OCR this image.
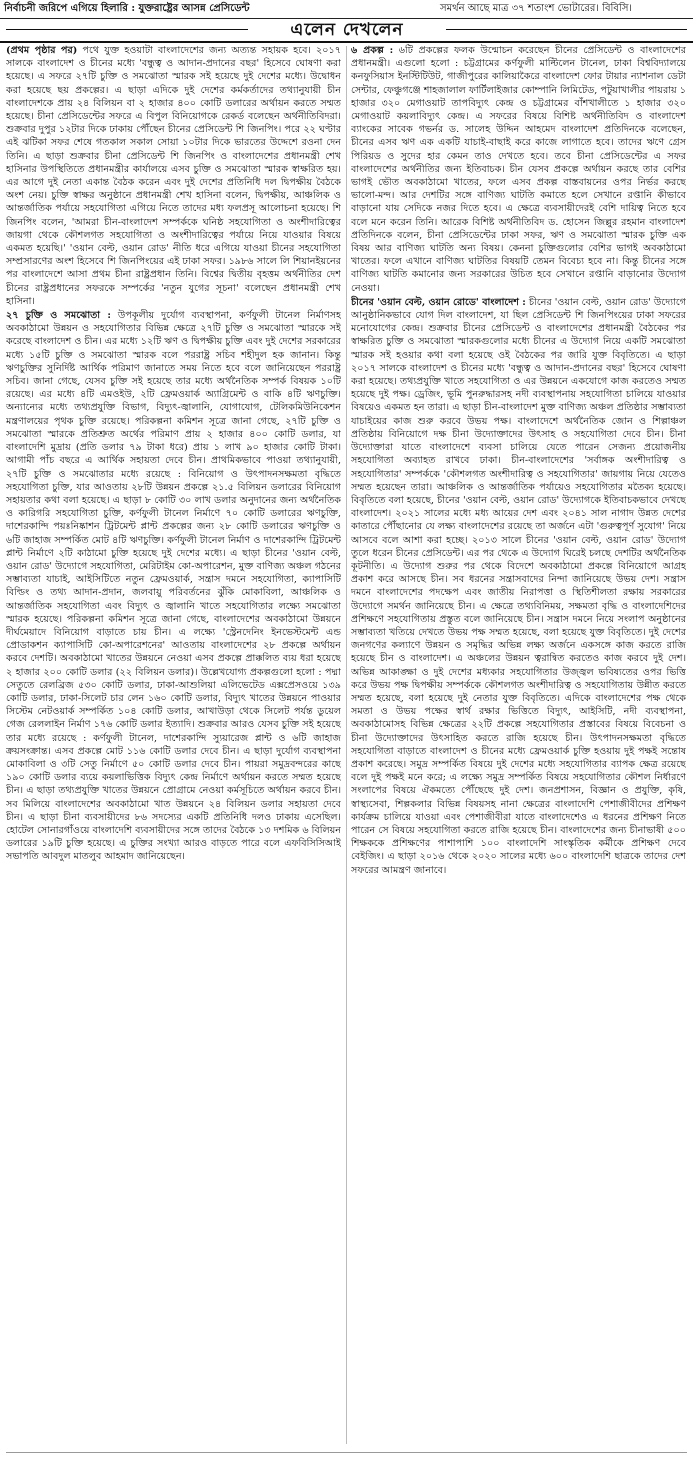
নির্বাচনী জরিপে এগিয়ে হিলারি : যুক্তরাষ্ট্রের আসন্ন প্রেসিডেন্ট	সমর্থন আছে মাত্র ৩৭ শতাংশ ভোটারের। বিবিসি।
এলেন দেখলেন

(প্রথম পৃষ্ঠার পর) পথে যুক্ত হওয়াটা বাংলাদেশের জন্য অত্যন্ত সহায়ক হবে। ২০১৭ সালকে বাংলাদেশ ও চীনের মধ্যে 'বন্ধুত্ব ও আদান-প্রদানের বছর' হিসেবে ঘোষণা করা হয়েছে। এ সফরে ২৭টি চুক্তি ও সমঝোতা স্মারক সই হয়েছে দুই দেশের মধ্যে। উদ্বোধন করা হয়েছে ছয় প্রকল্পের। এ ছাড়া এদিকে দুই দেশের কর্মকর্তাদের তথ্যানুযায়ী চীন বাংলাদেশকে প্রায় ২৪ বিলিয়ন বা ২ হাজার ৪০০ কোটি ডলারের অর্থায়ন করতে সম্মত হয়েছে। চীনা প্রেসিডেন্টের সফরে এ বিপুল বিনিয়োগকে রেকর্ড বলেছেন অর্থনীতিবিদরা। শুক্রবার দুপুর ১২টার দিকে ঢাকায় পৌঁছেন চীনের প্রেসিডেন্ট শি জিনপিং। পরে ২২ ঘণ্টার এই ঝটিকা সফর শেষে গতকাল সকাল সোয়া ১০টার দিকে ভারতের উদ্দেশে রওনা দেন তিনি। এ ছাড়া শুক্রবার চীনা প্রেসিডেন্ট শি জিনপিং ও বাংলাদেশের প্রধানমন্ত্রী শেখ হাসিনার উপস্থিতিতে প্রধানমন্ত্রীর কার্যালয়ে এসব চুক্তি ও সমঝোতা স্মারক স্বাক্ষরিত হয়। এর আগে দুই নেতা একান্ত বৈঠক করেন এবং দুই দেশের প্রতিনিধি দল দ্বিপক্ষীয় বৈঠকে অংশ নেয়। চুক্তি স্বাক্ষর অনুষ্ঠানে প্রধানমন্ত্রী শেখ হাসিনা বলেন, দ্বিপক্ষীয়, আঞ্চলিক ও আন্তর্জাতিক পর্যায়ে সহযোগিতা এগিয়ে নিতে তাদের মধ্য ফলপ্রসূ আলোচনা হয়েছে। শি জিনপিং বলেন, 'আমরা চীন-বাংলাদেশ সম্পর্ককে ঘনিষ্ঠ সহযোগিতা ও অংশীদারিত্বের জায়গা থেকে কৌশলগত সহযোগিতা ও অংশীদারিত্বের পর্যায়ে নিয়ে যাওয়ার বিষয়ে একমত হয়েছি।' 'ওয়ান বেল্ট, ওয়ান রোড' নীতি ধরে এগিয়ে যাওয়া চীনের সহযোগিতা সম্প্রসারণের অংশ হিসেবে শি জিনপিংয়ের এই ঢাকা সফর। ১৯৮৬ সালে লি শিয়ানইয়নের পর বাংলাদেশে আসা প্রথম চীনা রাষ্ট্রপ্রধান তিনি। বিশ্বের দ্বিতীয় বৃহত্তম অর্থনীতির দেশ চীনের রাষ্ট্রপ্রধানের সফরকে সম্পর্কের 'নতুন যুগের সূচনা' বলেছেন প্রধানমন্ত্রী শেখ হাসিনা।

২৭ চুক্তি ও সমঝোতা : উপকূলীয় দুর্যোগ ব্যবস্থাপনা, কর্ণফুলী টানেল নির্মাণসহ অবকাঠামো উন্নয়ন ও সহযোগিতার বিভিন্ন ক্ষেত্রে ২৭টি চুক্তি ও সমঝোতা স্মারকে সই করেছে বাংলাদেশ ও চীন। এর মধ্যে ১২টি ঋণ ও দ্বিপক্ষীয় চুক্তি এবং দুই দেশের সরকারের মধ্যে ১৫টি চুক্তি ও সমঝোতা স্মারক বলে পররাষ্ট্র সচিব শহীদুল হক জানান। কিন্তু ঋণচুক্তির সুনির্দিষ্ট আর্থিক পরিমাণ জানাতে সময় নিতে হবে বলে জানিয়েছেন পররাষ্ট্র সচিব। জানা গেছে, যেসব চুক্তি সই হয়েছে তার মধ্যে অর্থনৈতিক সম্পর্ক বিষয়ক ১০টি রয়েছে। এর মধ্যে ৪টি এমওইউ, ২টি ফ্রেমওয়ার্ক অ্যাগ্রিমেন্ট ও বাকি ৪টি ঋণচুক্তি। অন্যান্যের মধ্যে তথ্যপ্রযুক্তি বিভাগ, বিদ্যুৎ-জ্বালানি, যোগাযোগ, টেলিকমিউনিকেশন মন্ত্রণালয়ের পৃথক চুক্তি রয়েছে। পরিকল্পনা কমিশন সূত্রে জানা গেছে, ২৭টি চুক্তি ও সমঝোতা স্মারকে প্রতিশ্রুত অর্থের পরিমাণ প্রায় ২ হাজার ৪০০ কোটি ডলার, যা বাংলাদেশি মুদ্রায় (প্রতি ডলার ৭৯ টাকা ধরে) প্রায় ১ লাখ ৯০ হাজার কোটি টাকা। আগামী পাঁচ বছরে এ আর্থিক সহায়তা দেবে চীন। প্রাথমিকভাবে পাওয়া তথ্যানুযায়ী, ২৭টি চুক্তি ও সমঝোতার মধ্যে রয়েছে : বিনিয়োগ ও উৎপাদনসক্ষমতা বৃদ্ধিতে সহযোগিতা চুক্তি, যার আওতায় ২৮টি উন্নয়ন প্রকল্পে ২১.৫ বিলিয়ন ডলারের বিনিয়োগ সহায়তার কথা বলা হয়েছে। এ ছাড়া ৮ কোটি ৩০ লাখ ডলার অনুদানের জন্য অর্থনৈতিক ও কারিগরি সহযোগিতা চুক্তি, কর্ণফুলী টানেল নির্মাণে ৭০ কোটি ডলারের ঋণচুক্তি, দাশেরকান্দি পয়ঃনিষ্কাশন ট্রিটমেন্ট প্লান্ট প্রকল্পের জন্য ২৮ কোটি ডলারের ঋণচুক্তি ও ৬টি জাহাজ সম্পর্কিত মোট ৪টি ঋণচুক্তি। কর্ণফুলী টানেল নির্মাণ ও দাশেরকান্দি ট্রিটমেন্ট প্লান্ট নির্মাণে ২টি কাঠামো চুক্তি হয়েছে দুই দেশের মধ্যে। এ ছাড়া চীনের 'ওয়ান বেল্ট, ওয়ান রোড' উদ্যোগে সহযোগিতা, মেরিটাইম কো-অপারেশন, মুক্ত বাণিজ্য অঞ্চল গঠনের সম্ভাব্যতা যাচাই, আইসিটিতে নতুন ফ্রেমওয়ার্ক, সন্ত্রাস দমনে সহযোগিতা, ক্যাপাসিটি বিল্ডিং ও তথ্য আদান-প্রদান, জলবায়ু পরিবর্তনের ঝুঁকি মোকাবিলা, আঞ্চলিক ও আন্তর্জাতিক সহযোগিতা এবং বিদ্যুৎ ও জ্বালানি খাতে সহযোগিতার লক্ষ্যে সমঝোতা স্মারক হয়েছে। পরিকল্পনা কমিশন সূত্রে জানা গেছে, বাংলাদেশের অবকাঠামো উন্নয়নে দীর্ঘমেয়াদে বিনিয়োগ বাড়াতে চায় চীন। এ লক্ষ্যে 'স্ট্রেনদেনিং ইনভেস্টমেন্ট এন্ড প্রোডাকশন ক্যাপাসিটি কো-অপারেশনের' আওতায় বাংলাদেশের ২৮ প্রকল্পে অর্থায়ন করবে দেশটি। অবকাঠামো খাতের উন্নয়নে নেওয়া এসব প্রকল্পে প্রাক্কলিত ব্যয় ধরা হয়েছে ২ হাজার ২০০ কোটি ডলার (২২ বিলিয়ন ডলার)। উল্লেখযোগ্য প্রকল্পগুলো হলো : পদ্মা সেতুতে রেলব্রিজ ৫৩০ কোটি ডলার, ঢাকা-আশুলিয়া এলিভেটেড এক্সপ্রেসওয়ে ১৩৯ কোটি ডলার, ঢাকা-সিলেট চার লেন ১৬০ কোটি ডলার, বিদ্যুৎ খাতের উন্নয়নে পাওয়ার সিস্টেম নেটওয়ার্ক সম্পর্কিত ১০৪ কোটি ডলার, আখাউড়া থেকে সিলেট পর্যন্ত ডুয়েল গেজ রেললাইন নির্মাণ ১৭৬ কোটি ডলার ইত্যাদি। শুক্রবার আরও যেসব চুক্তি সই হয়েছে তার মধ্যে রয়েছে : কর্ণফুলী টানেল, দাশেরকান্দি স্যুয়ারেজ প্লান্ট ও ৬টি জাহাজ ক্রয়সংক্রান্ত। এসব প্রকল্পে মোট ১১৬ কোটি ডলার দেবে চীন। এ ছাড়া দুর্যোগ ব্যবস্থাপনা মোকাবিলা ও ৩টি সেতু নির্মাণে ৫০ কোটি ডলার দেবে চীন। পায়রা সমুদ্রবন্দরের কাছে ১৯০ কোটি ডলার ব্যয়ে কয়লাভিত্তিক বিদ্যুৎ কেন্দ্র নির্মাণে অর্থায়ন করতে সম্মত হয়েছে চীন। এ ছাড়া তথ্যপ্রযুক্তি খাতের উন্নয়নে প্রোগ্রামে নেওয়া কর্মসূচিতে অর্থায়ন করবে চীন। সব মিলিয়ে বাংলাদেশের অবকাঠামো খাত উন্নয়নে ২৪ বিলিয়ন ডলার সহায়তা দেবে চীন। এ ছাড়া চীনা ব্যবসায়ীদের ৮৬ সদস্যের একটি প্রতিনিধি দলও ঢাকায় এসেছিল। হোটেল সোনারগাঁওয়ে বাংলাদেশি ব্যবসায়ীদের সঙ্গে তাদের বৈঠকে ১৩ দশমিক ৬ বিলিয়ন ডলারের ১৯টি চুক্তি হয়েছে। এ চুক্তির সংখ্যা আরও বাড়তে পারে বলে এফবিসিসিআই সভাপতি আবদুল মাতলুব আহমাদ জানিয়েছেন।

৬ প্রকল্প : ৬টি প্রকল্পের ফলক উন্মোচন করেছেন চীনের প্রেসিডেন্ট ও বাংলাদেশের প্রধানমন্ত্রী। এগুলো হলো : চট্টগ্রামের কর্ণফুলী মাল্টিলেন টানেল, ঢাকা বিশ্ববিদ্যালয়ে কনফুসিয়াস ইনস্টিটিউট, গাজীপুরের কালিয়াকৈরে বাংলাদেশ ফোর টায়ার ন্যাশনাল ডেটা সেন্টার, ফেঞ্চুগঞ্জে শাহজালাল ফার্টিলাইজার কোম্পানি লিমিটেড, পটুয়াখালীর পায়রায় ১ হাজার ৩২০ মেগাওয়াট তাপবিদ্যুৎ কেন্দ্র ও চট্টগ্রামের বাঁশখালীতে ১ হাজার ৩২০ মেগাওয়াট কয়লাবিদ্যুৎ কেন্দ্র। এ সফরের বিষয়ে বিশিষ্ট অর্থনীতিবিদ ও বাংলাদেশ ব্যাংকের সাবেক গভর্নর ড. সালেহ উদ্দিন আহমেদ বাংলাদেশ প্রতিদিনকে বলেছেন, চীনের এসব ঋণ এক একটি যাচাই-বাছাই করে কাজে লাগাতে হবে। তাদের ঋণে গ্রেস পিরিয়ড ও সুদের হার কেমন তাও দেখতে হবে। তবে চীনা প্রেসিডেন্টের এ সফর বাংলাদেশের অর্থনীতির জন্য ইতিবাচক। চীন যেসব প্রকল্পে অর্থায়ন করছে তার বেশির ভাগই ভৌত অবকাঠামো খাতের, ফলে এসব প্রকল্প বাস্তবায়নের ওপর নির্ভর করছে ভালো-মন্দ। আর দেশটির সঙ্গে বাণিজ্য ঘাটতি কমাতে হলে সেখানে রপ্তানি কীভাবে বাড়ানো যায় সেদিকে নজর দিতে হবে। এ ক্ষেত্রে ব্যবসায়ীদেরই বেশি দায়িত্ব নিতে হবে বলে মনে করেন তিনি। আরেক বিশিষ্ট অর্থনীতিবিদ ড. হোসেন জিল্লুর রহমান বাংলাদেশ প্রতিদিনকে বলেন, চীনা প্রেসিডেন্টের ঢাকা সফর, ঋণ ও সমঝোতা স্মারক চুক্তি এক বিষয় আর বাণিজ্য ঘাটতি অন্য বিষয়। কেননা চুক্তিগুলোর বেশির ভাগই অবকাঠামো খাতের। ফলে এখানে বাণিজ্য ঘাটতির বিষয়টি তেমন বিবেচ্য হবে না। কিন্তু চীনের সঙ্গে বাণিজ্য ঘাটতি কমানোর জন্য সরকারের উচিত হবে সেখানে রপ্তানি বাড়ানোর উদ্যোগ নেওয়া।

চীনের 'ওয়ান বেল্ট, ওয়ান রোডে' বাংলাদেশ : চীনের 'ওয়ান বেল্ট, ওয়ান রোড' উদ্যোগে আনুষ্ঠানিকভাবে যোগ দিল বাংলাদেশ, যা ছিল প্রেসিডেন্ট শি জিনপিংয়ের ঢাকা সফরের মনোযোগের কেন্দ্র। শুক্রবার চীনের প্রেসিডেন্ট ও বাংলাদেশের প্রধানমন্ত্রী বৈঠকের পর স্বাক্ষরিত চুক্তি ও সমঝোতা স্মারকগুলোর মধ্যে চীনের এ উদ্যোগ নিয়ে একটি সমঝোতা স্মারক সই হওয়ার কথা বলা হয়েছে ওই বৈঠকের পর জারি যুক্ত বিবৃতিতে। এ ছাড়া ২০১৭ সালকে বাংলাদেশ ও চীনের মধ্যে 'বন্ধুত্ব ও আদান-প্রদানের বছর' হিসেবে ঘোষণা করা হয়েছে। তথ্যপ্রযুক্তি খাতে সহযোগিতা ও এর উন্নয়নে একযোগে কাজ করতেও সম্মত হয়েছে দুই পক্ষ। ড্রেজিং, ভূমি পুনরুদ্ধারসহ নদী ব্যবস্থাপনায় সহযোগিতা চালিয়ে যাওয়ার বিষয়েও একমত হন তারা। এ ছাড়া চীন-বাংলাদেশ মুক্ত বাণিজ্য অঞ্চল প্রতিষ্ঠার সম্ভাব্যতা যাচাইয়ের কাজ শুরু করবে উভয় পক্ষ। বাংলাদেশে অর্থনৈতিক জোন ও শিল্পাঞ্চল প্রতিষ্ঠায় বিনিয়োগে দক্ষ চীনা উদ্যোক্তাদের উৎসাহ ও সহযোগিতা দেবে চীন। চীনা উদ্যোক্তারা যাতে বাংলাদেশে ব্যবসা চালিয়ে যেতে পারেন সেজন্য প্রয়োজনীয় সহযোগিতা অব্যাহত রাখবে ঢাকা। চীন-বাংলাদেশের 'সর্বাঙ্গক অংশীদারিত্ব ও সহযোগিতার' সম্পর্ককে 'কৌশলগত অংশীদারিত্ব ও সহযোগিতার' জায়গায় নিয়ে যেতেও সম্মত হয়েছেন তারা। আঞ্চলিক ও আন্তর্জাতিক পর্যায়েও সহযোগিতার মতৈক্য হয়েছে। বিবৃতিতে বলা হয়েছে, চীনের 'ওয়ান বেল্ট, ওয়ান রোড' উদ্যোগকে ইতিবাচকভাবে দেখছে বাংলাদেশ। ২০২১ সালের মধ্যে মধ্য আয়ের দেশ এবং ২০৪১ সাল নাগাদ উন্নত দেশের কাতারে পৌঁছানোর যে লক্ষ্য বাংলাদেশের রয়েছে তা অর্জনে এটা 'গুরুত্বপূর্ণ সুযোগ' নিয়ে আসবে বলে আশা করা হচ্ছে। ২০১৩ সালে চীনের 'ওয়ান বেল্ট, ওয়ান রোড' উদ্যোগ তুলে ধরেন চীনের প্রেসিডেন্ট। এর পর থেকে এ উদ্যোগ ঘিরেই চলছে দেশটির অর্থনৈতিক কূটনীতি। এ উদ্যোগ শুরুর পর থেকে বিদেশে অবকাঠামো প্রকল্পে বিনিয়োগে আগ্রহ প্রকাশ করে আসছে চীন। সব ধরনের সন্ত্রাসবাদের নিন্দা জানিয়েছে উভয় দেশ। সন্ত্রাস দমনে বাংলাদেশের পদক্ষেপ এবং জাতীয় নিরাপত্তা ও স্থিতিশীলতা রক্ষায় সরকারের উদ্যোগে সমর্থন জানিয়েছে চীন। এ ক্ষেত্রে তথ্যবিনিময়, সক্ষমতা বৃদ্ধি ও বাংলাদেশিদের প্রশিক্ষণে সহযোগিতায় প্রস্তুত বলে জানিয়েছে চীন। সন্ত্রাস দমনে নিয়ে সংলাপ অনুষ্ঠানের সম্ভাব্যতা খতিয়ে দেখতে উভয় পক্ষ সম্মত হয়েছে, বলা হয়েছে যুক্ত বিবৃতিতে। দুই দেশের জনগণের কল্যাণে উন্নয়ন ও সমৃদ্ধির অভিন্ন লক্ষ্য অর্জনে একসঙ্গে কাজ করতে রাজি হয়েছে চীন ও বাংলাদেশ। এ অঞ্চলের উন্নয়ন ত্বরান্বিত করতেও কাজ করবে দুই দেশ। অভিন্ন আকাঙ্ক্ষা ও দুই দেশের মধ্যকার সহযোগিতার উজ্জ্বল ভবিষ্যতের ওপর ভিত্তি করে উভয় পক্ষ দ্বিপক্ষীয় সম্পর্ককে কৌশলগত অংশীদারিত্ব ও সহযোগিতায় উন্নীত করতে সম্মত হয়েছে, বলা হয়েছে দুই নেতার যুক্ত বিবৃতিতে। এদিকে বাংলাদেশের পক্ষ থেকে সমতা ও উভয় পক্ষের স্বার্থ রক্ষার ভিত্তিতে বিদ্যুৎ, আইসিটি, নদী ব্যবস্থাপনা, অবকাঠামোসহ বিভিন্ন ক্ষেত্রের ২২টি প্রকল্পে সহযোগিতার প্রস্তাবের বিষয়ে বিবেচনা ও চীনা উদ্যোক্তাদের উৎসাহিত করতে রাজি হয়েছে চীন। উৎপাদনসক্ষমতা বৃদ্ধিতে সহযোগিতা বাড়াতে বাংলাদেশ ও চীনের মধ্যে ফ্রেমওয়ার্ক চুক্তি হওয়ায় দুই পক্ষই সন্তোষ প্রকাশ করেছে। সমুদ্র সম্পর্কিত বিষয়ে দুই দেশের মধ্যে সহযোগিতার ব্যাপক ক্ষেত্র রয়েছে বলে দুই পক্ষই মনে করে; এ লক্ষ্যে সমুদ্র সম্পর্কিত বিষয়ে সহযোগিতার কৌশল নির্ধারণে সংলাপের বিষয়ে ঐকমত্যে পৌঁছেছে দুই দেশ। জনপ্রশাসন, বিজ্ঞান ও প্রযুক্তি, কৃষি, স্বাস্থ্যসেবা, শিল্পকলার বিভিন্ন বিষয়সহ নানা ক্ষেত্রের বাংলাদেশি পেশাজীবীদের প্রশিক্ষণ কার্যক্রম চালিয়ে যাওয়া এবং পেশাজীবীরা যাতে বাংলাদেশেও এ ধরনের প্রশিক্ষণ নিতে পারেন সে বিষয়ে সহযোগিতা করতে রাজি হয়েছে চীন। বাংলাদেশের জন্য চীনাভাষী ৫০০ শিক্ষককে প্রশিক্ষণের পাশাপাশি ১০০ বাংলাদেশি সাংস্কৃতিক কর্মীকে প্রশিক্ষণ দেবে বেইজিং। এ ছাড়া ২০১৬ থেকে ২০২০ সালের মধ্যে ৬০০ বাংলাদেশি ছাত্রকে তাদের দেশ সফরের আমন্ত্রণ জানাবে।
